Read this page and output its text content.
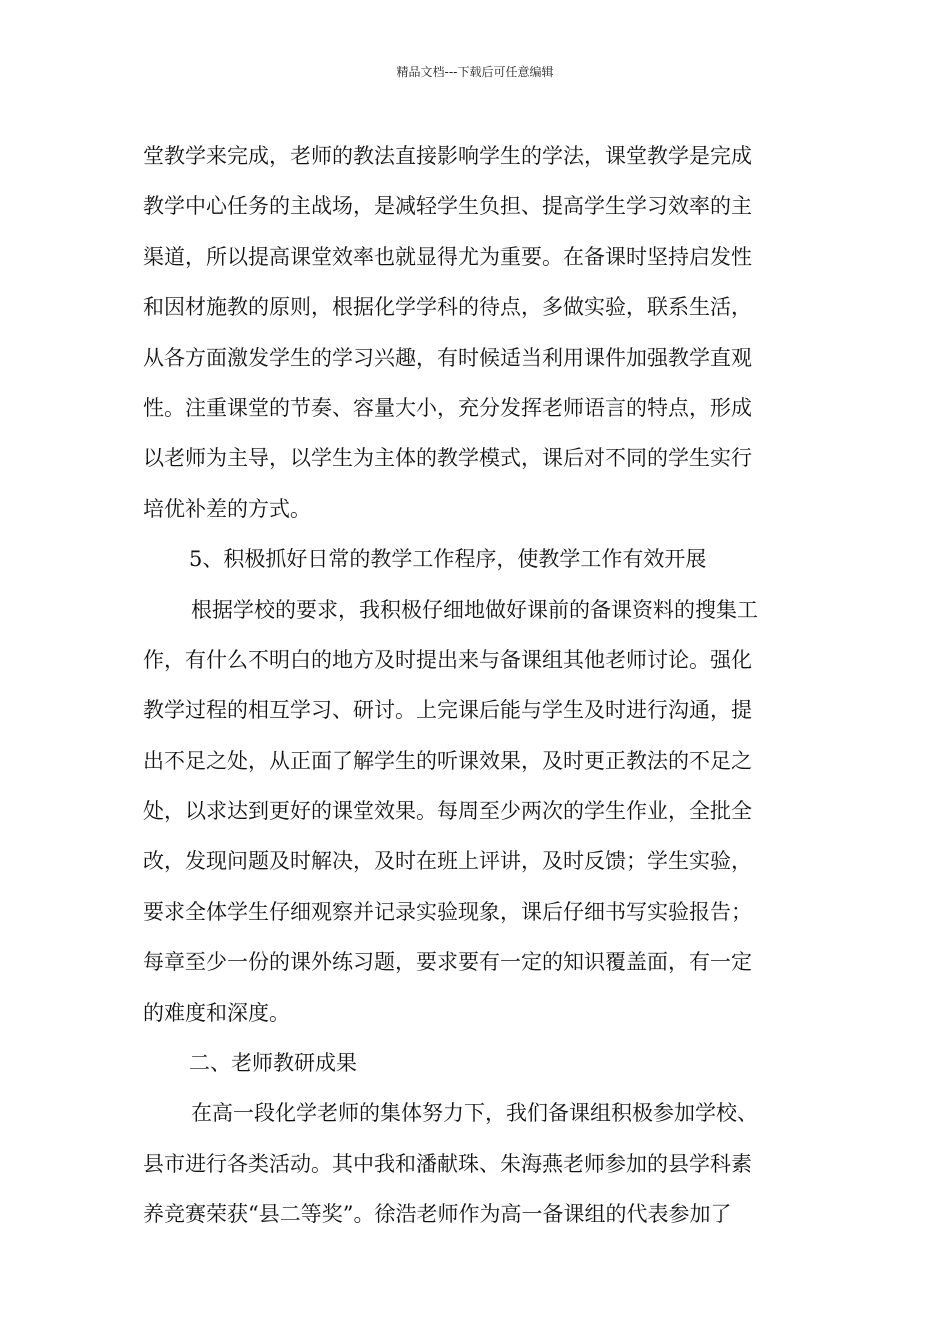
精品文档---下载后可任意编辑
堂教学来完成，老师的教法直接影响学生的学法，课堂教学是完成
教学中心任务的主战场，是减轻学生负担、提高学生学习效率的主
渠道，所以提高课堂效率也就显得尤为重要。在备课时坚持启发性
和因材施教的原则，根据化学学科的待点，多做实验，联系生活，
从各方面激发学生的学习兴趣，有时候适当利用课件加强教学直观
性。注重课堂的节奏、容量大小，充分发挥老师语言的特点，形成
以老师为主导，以学生为主体的教学模式，课后对不同的学生实行
培优补差的方式。
5、积极抓好日常的教学工作程序，使教学工作有效开展
根据学校的要求，我积极仔细地做好课前的备课资料的搜集工
作，有什么不明白的地方及时提出来与备课组其他老师讨论。强化
教学过程的相互学习、研讨。上完课后能与学生及时进行沟通，提
出不足之处，从正面了解学生的听课效果，及时更正教法的不足之
处，以求达到更好的课堂效果。每周至少两次的学生作业，全批全
改，发现问题及时解决，及时在班上评讲，及时反馈；学生实验，
要求全体学生仔细观察并记录实验现象，课后仔细书写实验报告；
每章至少一份的课外练习题，要求要有一定的知识覆盖面，有一定
的难度和深度。
二、老师教研成果
在高一段化学老师的集体努力下，我们备课组积极参加学校、
县市进行各类活动。其中我和潘献珠、朱海燕老师参加的县学科素
养竞赛荣获“县二等奖”。徐浩老师作为高一备课组的代表参加了
